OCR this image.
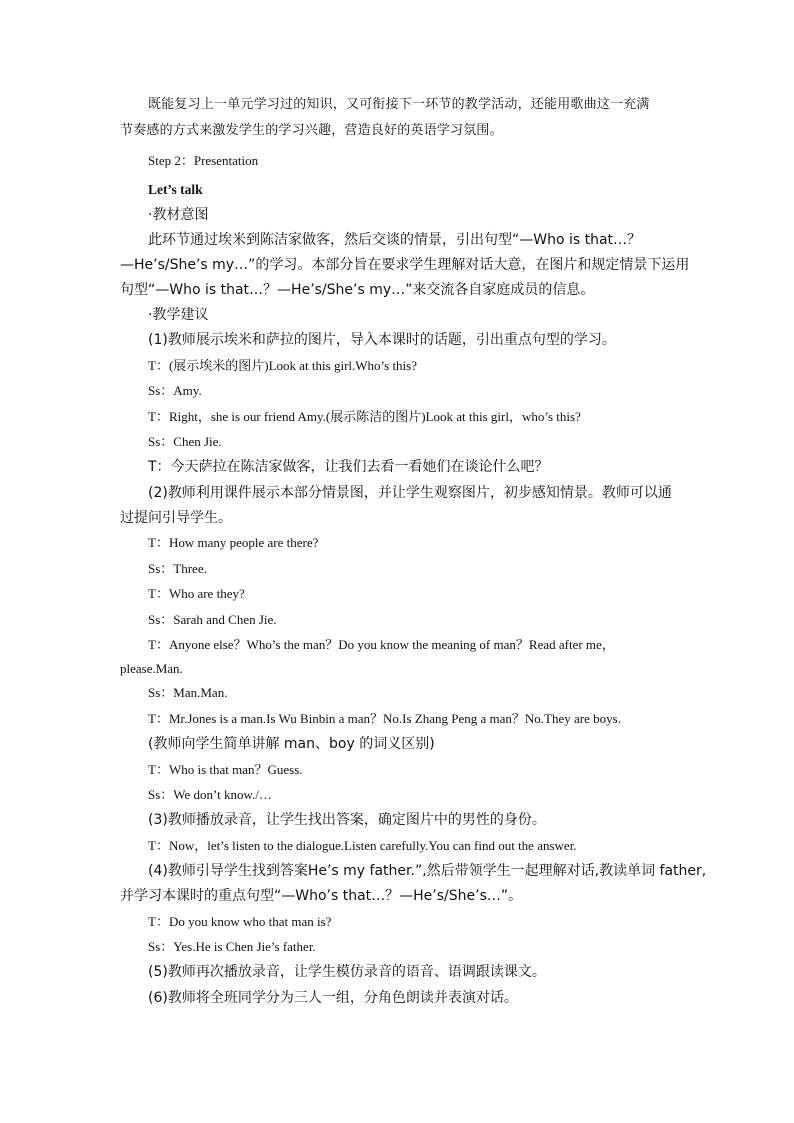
既能复习上一单元学习过的知识，又可衔接下一环节的教学活动，还能用歌曲这一充满
节奏感的方式来激发学生的学习兴趣，营造良好的英语学习氛围。
Step 2：Presentation
Let’s talk
·教材意图
此环节通过埃米到陈洁家做客，然后交谈的情景，引出句型“—Who is that…？
—He’s/She’s my…”的学习。本部分旨在要求学生理解对话大意，在图片和规定情景下运用
句型“—Who is that…？—He’s/She’s my…”来交流各自家庭成员的信息。
·教学建议
(1)教师展示埃米和萨拉的图片，导入本课时的话题，引出重点句型的学习。
T：(展示埃米的图片)Look at this girl.Who’s this?
Ss：Amy.
T：Right，she is our friend Amy.(展示陈洁的图片)Look at this girl，who’s this?
Ss：Chen Jie.
T：今天萨拉在陈洁家做客，让我们去看一看她们在谈论什么吧？
(2)教师利用课件展示本部分情景图，并让学生观察图片，初步感知情景。教师可以通
过提问引导学生。
T：How many people are there?
Ss：Three.
T：Who are they?
Ss：Sarah and Chen Jie.
T：Anyone else？Who’s the man？Do you know the meaning of man？Read after me，
please.Man.
Ss：Man.Man.
T：Mr.Jones is a man.Is Wu Binbin a man？No.Is Zhang Peng a man？No.They are boys.
(教师向学生简单讲解 man、boy 的词义区别)
T：Who is that man？Guess.
Ss：We don’t know./…
(3)教师播放录音，让学生找出答案，确定图片中的男性的身份。
T：Now，let’s listen to the dialogue.Listen carefully.You can find out the answer.
(4)教师引导学生找到答案He’s my father.”,然后带领学生一起理解对话,教读单词 father,
并学习本课时的重点句型“—Who’s that…？—He’s/She’s…”。
T：Do you know who that man is?
Ss：Yes.He is Chen Jie’s father.
(5)教师再次播放录音，让学生模仿录音的语音、语调跟读课文。
(6)教师将全班同学分为三人一组，分角色朗读并表演对话。
